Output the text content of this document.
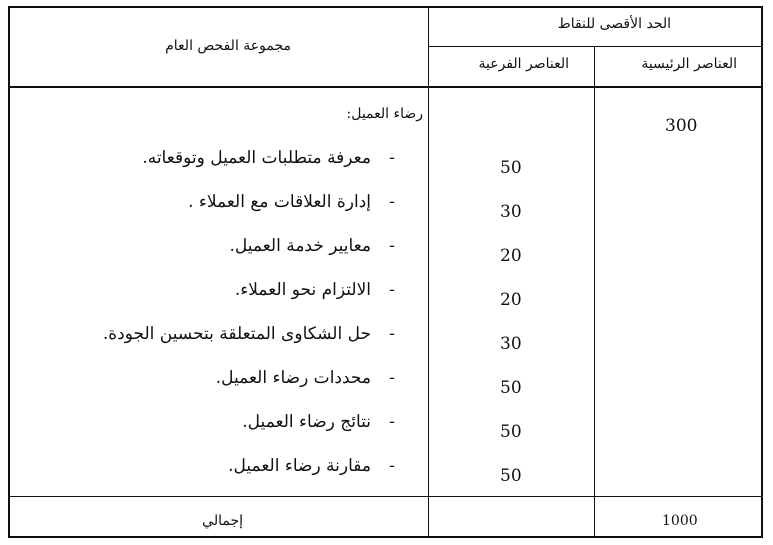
مجموعة الفحص العام
الحد الأقصى للنقاط
العناصر الرئيسية
العناصر الفرعية
رضاء العميل:
300
-معرفة متطلبات العميل وتوقعاته.
-إدارة العلاقات مع العملاء .
-معايير خدمة العميل.
-الالتزام نحو العملاء.
-حل الشكاوى المتعلقة بتحسين الجودة.
-محددات رضاء العميل.
-نتائج رضاء العميل.
-مقارنة رضاء العميل.
50
30
20
20
30
50
50
50
إجمالي	1000
